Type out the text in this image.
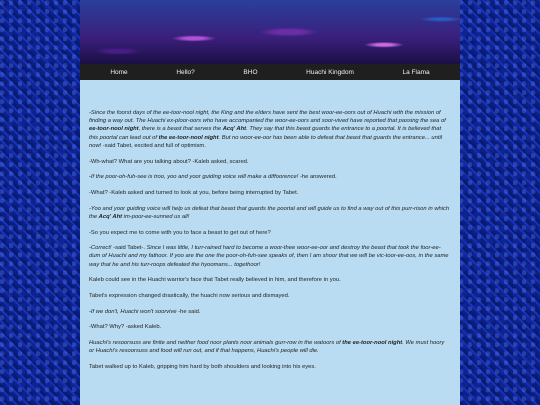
Home	Hello?	BHO	Huachi Kingdom	La Flama

-Since the foorst days of the ee-toor-nool night, the King and the elders have sent the best woor-ee-oors out of Huachi with the mission of finding a way out. The Huachi ex-ploor-oors who have accompanied the woor-ee-oors and soor-vived have reported that passing the sea of ee-toor-nool night, there is a beast that serves the Acq' Aht. They say that this beast guards the entrance to a poortal. It is believed that this poortal can lead out of the ee-toor-nool night. But no woor-ee-oor has been able to defeat that beast that guards the entrance... until now! -said Tabet, excited and full of optimism.

-Wh-what? What are you talking about? -Kaleb asked, scared.

-If the poor-oh-fuh-see is troo, yoo and yoor guiding voice will make a diffoorence! -he answered.

-What? -Kaleb asked and turned to look at you, before being interrupted by Tabet.

-Yoo and yoor guiding voice will help us defeat that beast that guards the poortal and will guide us to find a way out of this purr-rison in which the Acq' Aht im-poor-ee-sunned us all!

-So you expect me to come with you to face a beast to get out of here?

-Correct! -said Tabet-. Since I was little, I turr-rained hard to become a woor-thee woor-ee-oor and destroy the beast that took the foor-ee-dum of Huachi and my fathoor. If yoo are the one the poor-oh-fuh-see speaks of, then I am shoor that we will be vic-toor-ee-oos, in the same way that he and his turr-roops defeated the hyoomans... togethoor!

Kaleb could see in the Huachi warrior's face that Tabet really believed in him, and therefore in you.

Tabet's expression changed drastically, the huachi now serious and dismayed.

-If we don't, Huachi won't soorvive -he said.

-What? Why? -asked Kaleb.

Huachi's resoorsuss are finite and neither food noor plants noor animals gurr-row in the watoors of the ee-toor-nool night. We must hoory or Huachi's resoorsuss and food will run out, and if that happens, Huachi's people will die.

Tabet walked up to Kaleb, gripping him hard by both shoulders and looking into his eyes.
